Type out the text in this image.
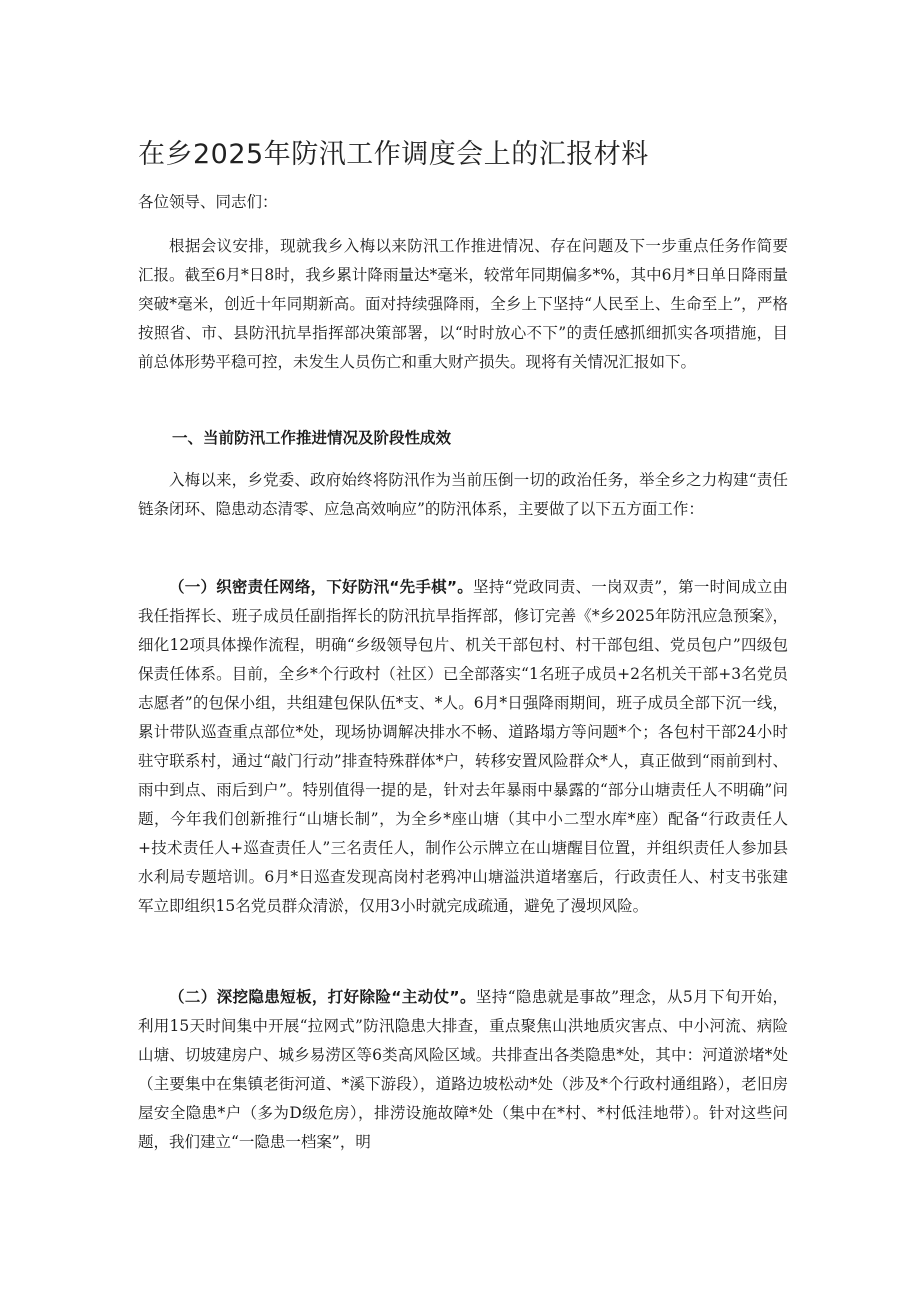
在乡2025年防汛工作调度会上的汇报材料
各位领导、同志们：

根据会议安排，现就我乡入梅以来防汛工作推进情况、存在问题及下一步重点任务作简要汇报。截至6月*日8时，我乡累计降雨量达*毫米，较常年同期偏多*%，其中6月*日单日降雨量突破*毫米，创近十年同期新高。面对持续强降雨，全乡上下坚持“人民至上、生命至上”，严格按照省、市、县防汛抗旱指挥部决策部署，以“时时放心不下”的责任感抓细抓实各项措施，目前总体形势平稳可控，未发生人员伤亡和重大财产损失。现将有关情况汇报如下。

一、当前防汛工作推进情况及阶段性成效

入梅以来，乡党委、政府始终将防汛作为当前压倒一切的政治任务，举全乡之力构建“责任链条闭环、隐患动态清零、应急高效响应”的防汛体系，主要做了以下五方面工作：

（一）织密责任网络，下好防汛“先手棋”。坚持“党政同责、一岗双责”，第一时间成立由我任指挥长、班子成员任副指挥长的防汛抗旱指挥部，修订完善《*乡2025年防汛应急预案》，细化12项具体操作流程，明确“乡级领导包片、机关干部包村、村干部包组、党员包户”四级包保责任体系。目前，全乡*个行政村（社区）已全部落实“1名班子成员+2名机关干部+3名党员志愿者”的包保小组，共组建包保队伍*支、*人。6月*日强降雨期间，班子成员全部下沉一线，累计带队巡查重点部位*处，现场协调解决排水不畅、道路塌方等问题*个；各包村干部24小时驻守联系村，通过“敲门行动”排查特殊群体*户，转移安置风险群众*人，真正做到“雨前到村、雨中到点、雨后到户”。特别值得一提的是，针对去年暴雨中暴露的“部分山塘责任人不明确”问题，今年我们创新推行“山塘长制”，为全乡*座山塘（其中小二型水库*座）配备“行政责任人+技术责任人+巡查责任人”三名责任人，制作公示牌立在山塘醒目位置，并组织责任人参加县水利局专题培训。6月*日巡查发现高岗村老鸦冲山塘溢洪道堵塞后，行政责任人、村支书张建军立即组织15名党员群众清淤，仅用3小时就完成疏通，避免了漫坝风险。

（二）深挖隐患短板，打好除险“主动仗”。坚持“隐患就是事故”理念，从5月下旬开始，利用15天时间集中开展“拉网式”防汛隐患大排查，重点聚焦山洪地质灾害点、中小河流、病险山塘、切坡建房户、城乡易涝区等6类高风险区域。共排查出各类隐患*处，其中：河道淤堵*处（主要集中在集镇老街河道、*溪下游段），道路边坡松动*处（涉及*个行政村通组路），老旧房屋安全隐患*户（多为D级危房），排涝设施故障*处（集中在*村、*村低洼地带）。针对这些问题，我们建立“一隐患一档案”，明
